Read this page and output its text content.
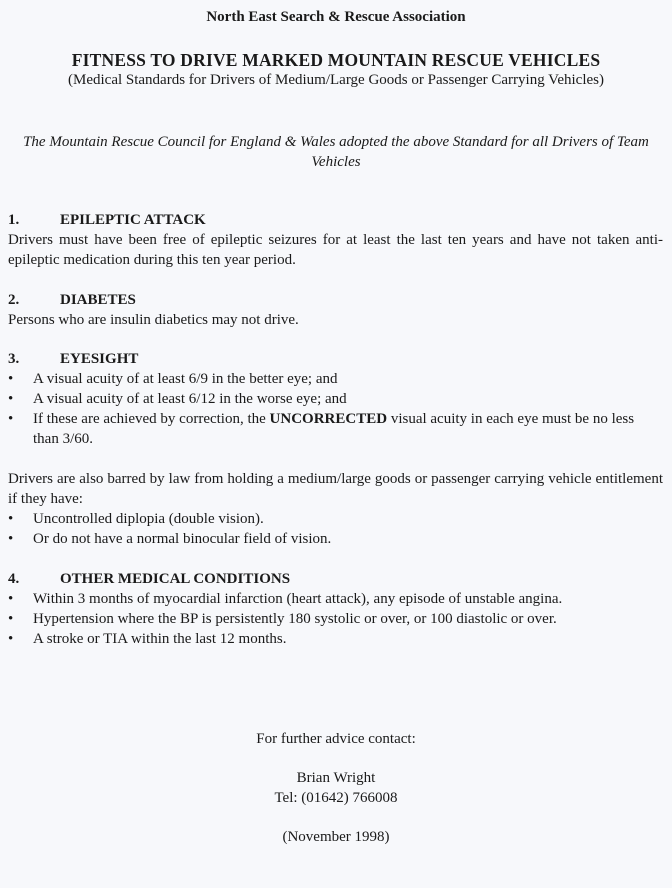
North East Search & Rescue Association
FITNESS TO DRIVE MARKED MOUNTAIN RESCUE VEHICLES
(Medical Standards for Drivers of Medium/Large Goods or Passenger Carrying Vehicles)
The Mountain Rescue Council for England & Wales adopted the above Standard for all Drivers of Team Vehicles
1.	EPILEPTIC ATTACK
Drivers must have been free of epileptic seizures for at least the last ten years and have not taken anti-epileptic medication during this ten year period.
2.	DIABETES
Persons who are insulin diabetics may not drive.
3.	EYESIGHT
•	A visual acuity of at least 6/9 in the better eye; and
•	A visual acuity of at least 6/12 in the worse eye; and
•	If these are achieved by correction, the UNCORRECTED visual acuity in each eye must be no less than 3/60.
Drivers are also barred by law from holding a medium/large goods or passenger carrying vehicle entitlement if they have:
•	Uncontrolled diplopia (double vision).
•	Or do not have a normal binocular field of vision.
4.	OTHER MEDICAL CONDITIONS
•	Within 3 months of myocardial infarction (heart attack), any episode of unstable angina.
•	Hypertension where the BP is persistently 180 systolic or over, or 100 diastolic or over.
•	A stroke or TIA within the last 12 months.
For further advice contact:
Brian Wright
Tel: (01642) 766008
(November 1998)
